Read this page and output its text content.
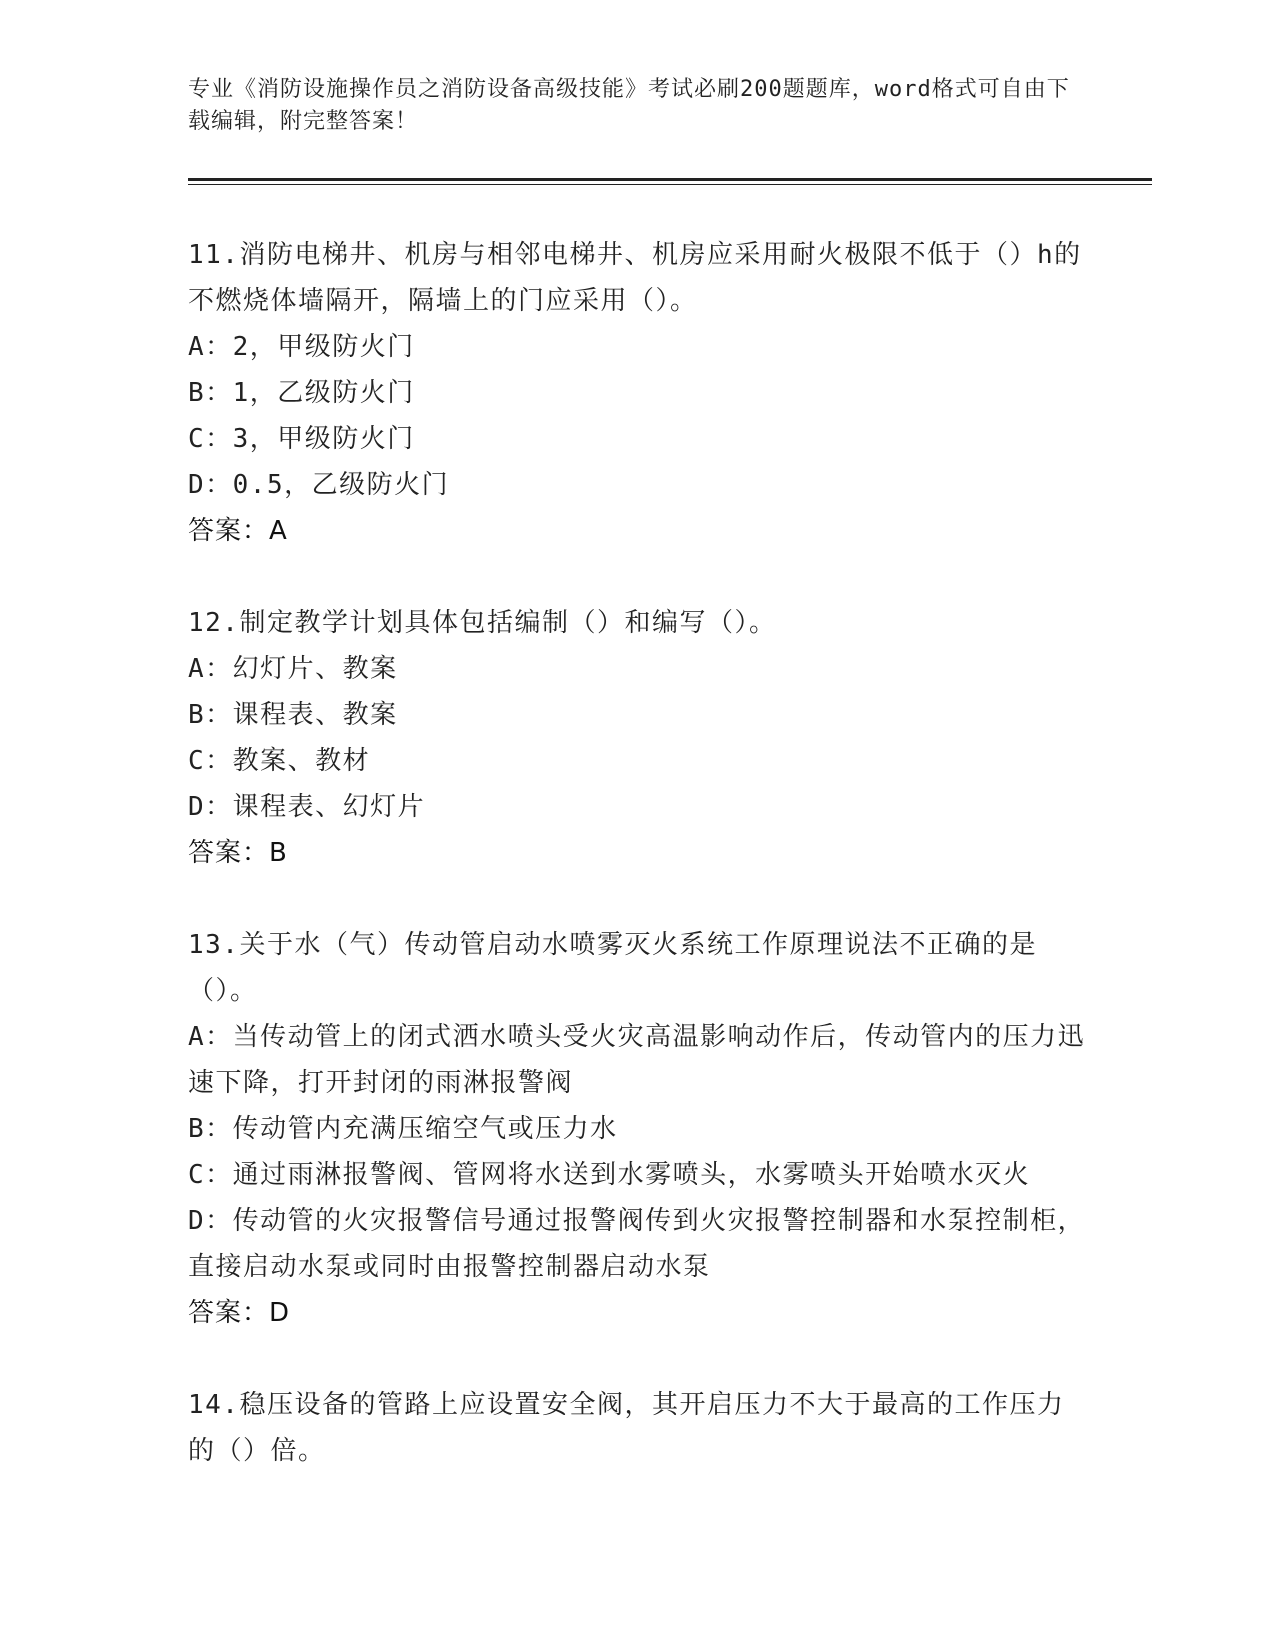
专业《消防设施操作员之消防设备高级技能》考试必刷200题题库，word格式可自由下载编辑，附完整答案！
11.消防电梯井、机房与相邻电梯井、机房应采用耐火极限不低于（）h的不燃烧体墙隔开，隔墙上的门应采用（）。
A：2，甲级防火门
B：1，乙级防火门
C：3，甲级防火门
D：0.5，乙级防火门
答案：A
12.制定教学计划具体包括编制（）和编写（）。
A：幻灯片、教案
B：课程表、教案
C：教案、教材
D：课程表、幻灯片
答案：B
13.关于水（气）传动管启动水喷雾灭火系统工作原理说法不正确的是（）。
A：当传动管上的闭式洒水喷头受火灾高温影响动作后，传动管内的压力迅速下降，打开封闭的雨淋报警阀
B：传动管内充满压缩空气或压力水
C：通过雨淋报警阀、管网将水送到水雾喷头，水雾喷头开始喷水灭火
D：传动管的火灾报警信号通过报警阀传到火灾报警控制器和水泵控制柜，直接启动水泵或同时由报警控制器启动水泵
答案：D
14.稳压设备的管路上应设置安全阀，其开启压力不大于最高的工作压力的（）倍。
